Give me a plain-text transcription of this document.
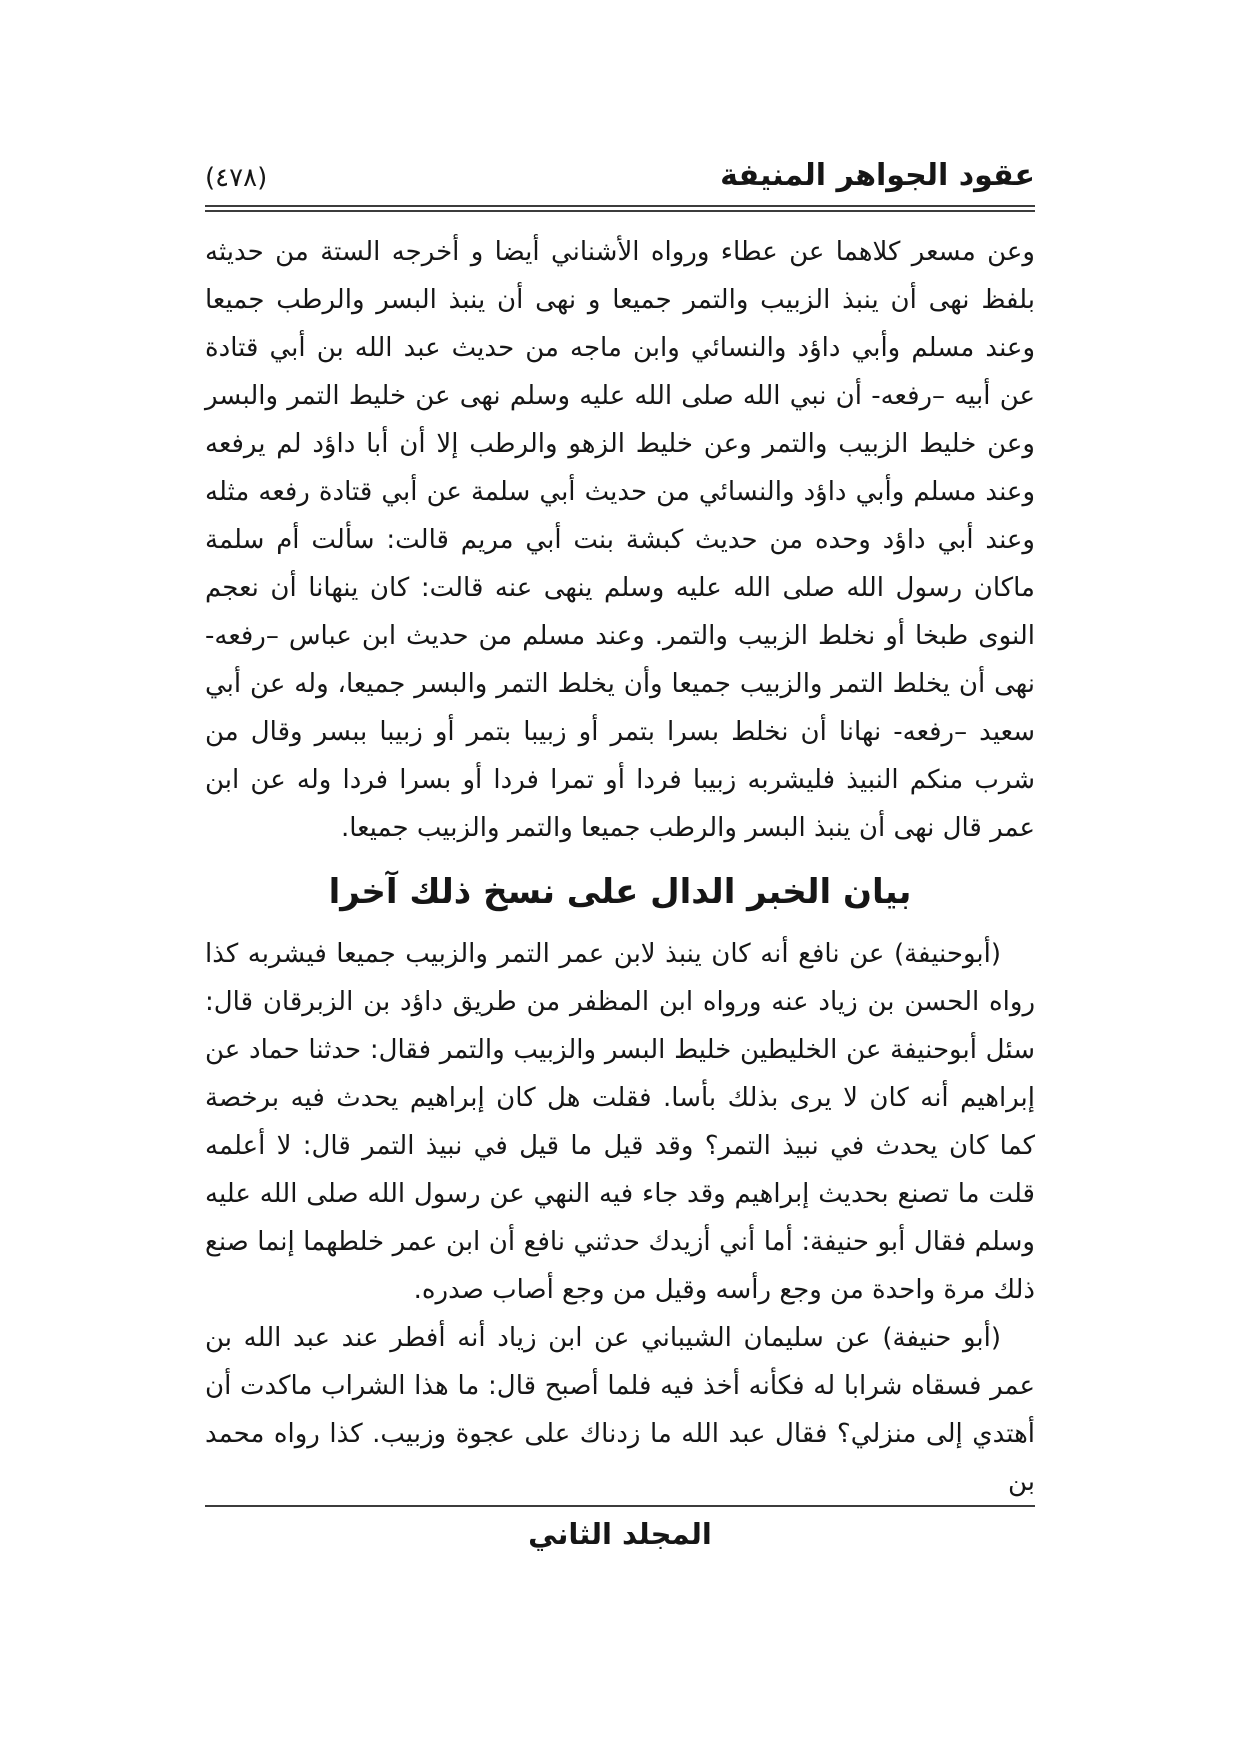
(٤٧٨)	عقود الجواهر المنيفة

وعن مسعر كلاهما عن عطاء ورواه الأشناني أيضا و أخرجه الستة من حديثه بلفظ نهى أن ينبذ الزبيب والتمر جميعا و نهى أن ينبذ البسر والرطب جميعا وعند مسلم وأبي داؤد والنسائي وابن ماجه من حديث عبد الله بن أبي قتادة عن أبيه –رفعه- أن نبي الله صلى الله عليه وسلم نهى عن خليط التمر والبسر وعن خليط الزبيب والتمر وعن خليط الزهو والرطب إلا أن أبا داؤد لم يرفعه وعند مسلم وأبي داؤد والنسائي من حديث أبي سلمة عن أبي قتادة رفعه مثله وعند أبي داؤد وحده من حديث كبشة بنت أبي مريم قالت: سألت أم سلمة ماكان رسول الله صلى الله عليه وسلم ينهى عنه قالت: كان ينهانا أن نعجم النوى طبخا أو نخلط الزبيب والتمر. وعند مسلم من حديث ابن عباس –رفعه- نهى أن يخلط التمر والزبيب جميعا وأن يخلط التمر والبسر جميعا، وله عن أبي سعيد –رفعه- نهانا أن نخلط بسرا بتمر أو زبيبا بتمر أو زبيبا ببسر وقال من شرب منكم النبيذ فليشربه زبيبا فردا أو تمرا فردا أو بسرا فردا وله عن ابن عمر قال نهى أن ينبذ البسر والرطب جميعا والتمر والزبيب جميعا.

بيان الخبر الدال على نسخ ذلك آخرا

(أبوحنيفة) عن نافع أنه كان ينبذ لابن عمر التمر والزبيب جميعا فيشربه كذا رواه الحسن بن زياد عنه ورواه ابن المظفر من طريق داؤد بن الزبرقان قال: سئل أبوحنيفة عن الخليطين خليط البسر والزبيب والتمر فقال: حدثنا حماد عن إبراهيم أنه كان لا يرى بذلك بأسا. فقلت هل كان إبراهيم يحدث فيه برخصة كما كان يحدث في نبيذ التمر؟ وقد قيل ما قيل في نبيذ التمر قال: لا أعلمه قلت ما تصنع بحديث إبراهيم وقد جاء فيه النهي عن رسول الله صلى الله عليه وسلم فقال أبو حنيفة: أما أني أزيدك حدثني نافع أن ابن عمر خلطهما إنما صنع ذلك مرة واحدة من وجع رأسه وقيل من وجع أصاب صدره.

(أبو حنيفة) عن سليمان الشيباني عن ابن زياد أنه أفطر عند عبد الله بن عمر فسقاه شرابا له فكأنه أخذ فيه فلما أصبح قال: ما هذا الشراب ماكدت أن أهتدي إلى منزلي؟ فقال عبد الله ما زدناك على عجوة وزبيب. كذا رواه محمد بن

المجلد الثاني
